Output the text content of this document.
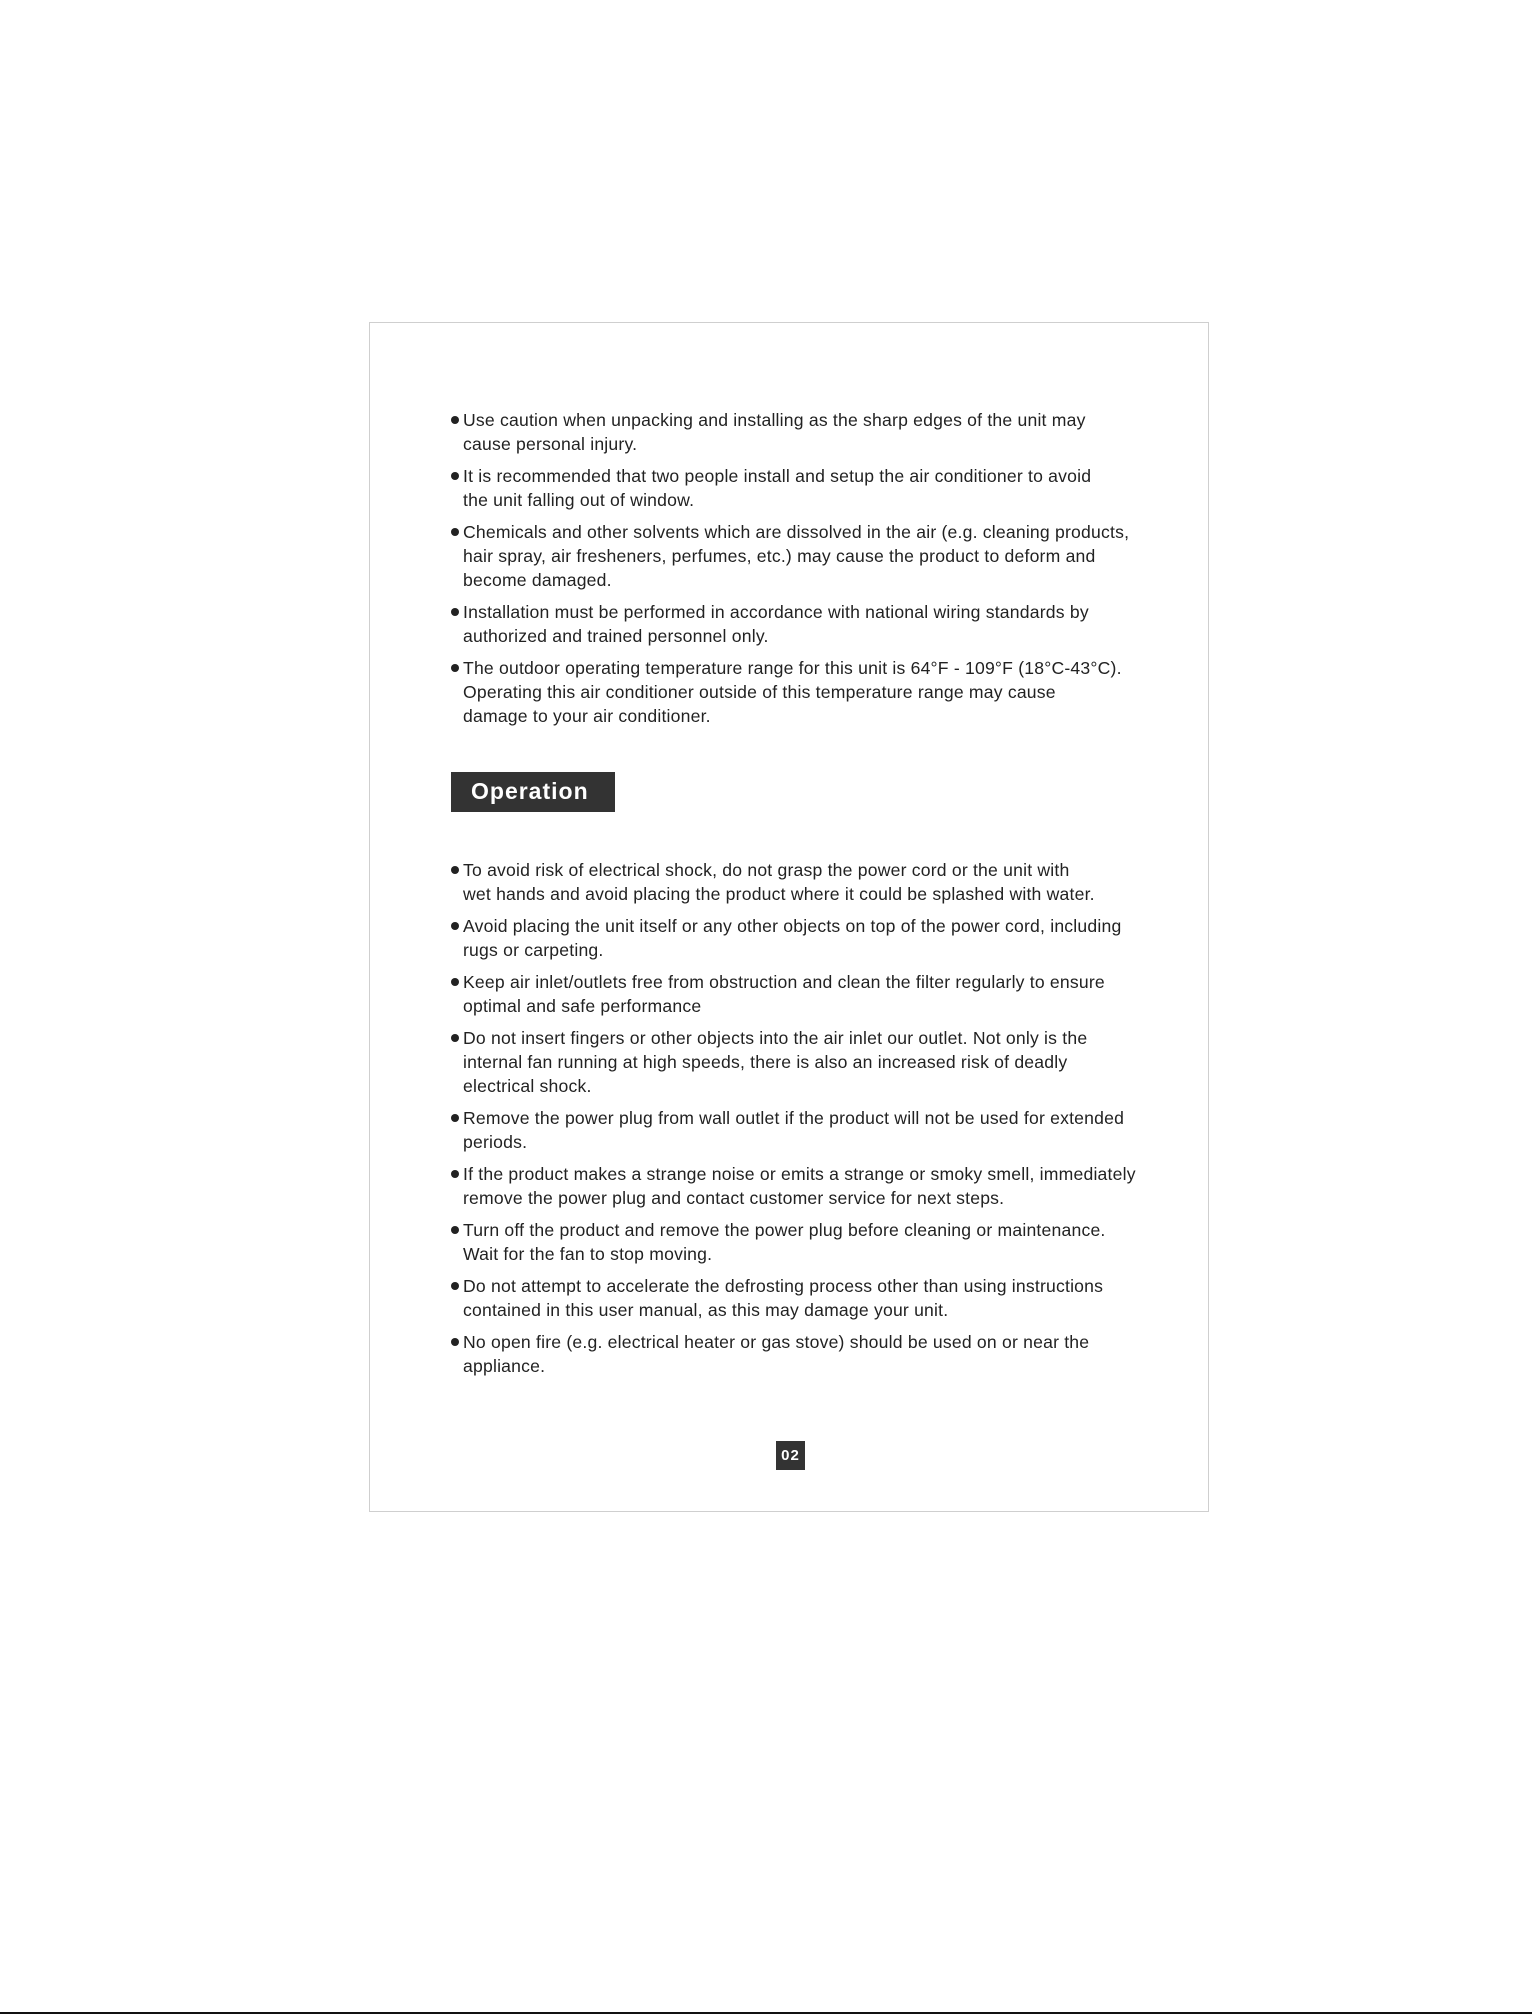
Use caution when unpacking and installing as the sharp edges of the unit may
cause personal injury.
It is recommended that two people install and setup the air conditioner to avoid
the unit falling out of window.
Chemicals and other solvents which are dissolved in the air (e.g. cleaning products,
hair spray, air fresheners, perfumes, etc.) may cause the product to deform and
become damaged.
Installation must be performed in accordance with national wiring standards by
authorized and trained personnel only.
The outdoor operating temperature range for this unit is 64°F - 109°F (18°C-43°C).
Operating this air conditioner outside of this temperature range may cause
damage to your air conditioner.
Operation
To avoid risk of electrical shock, do not grasp the power cord or the unit with
wet hands and avoid placing the product where it could be splashed with water.
Avoid placing the unit itself or any other objects on top of the power cord, including
rugs or carpeting.
Keep air inlet/outlets free from obstruction and clean the filter regularly to ensure
optimal and safe performance
Do not insert fingers or other objects into the air inlet our outlet. Not only is the
internal fan running at high speeds, there is also an increased risk of deadly
electrical shock.
Remove the power plug from wall outlet if the product will not be used for extended
periods.
If the product makes a strange noise or emits a strange or smoky smell, immediately
remove the power plug and contact customer service for next steps.
Turn off the product and remove the power plug before cleaning or maintenance.
Wait for the fan to stop moving.
Do not attempt to accelerate the defrosting process other than using instructions
contained in this user manual, as this may damage your unit.
No open fire (e.g. electrical heater or gas stove) should be used on or near the
appliance.
02
